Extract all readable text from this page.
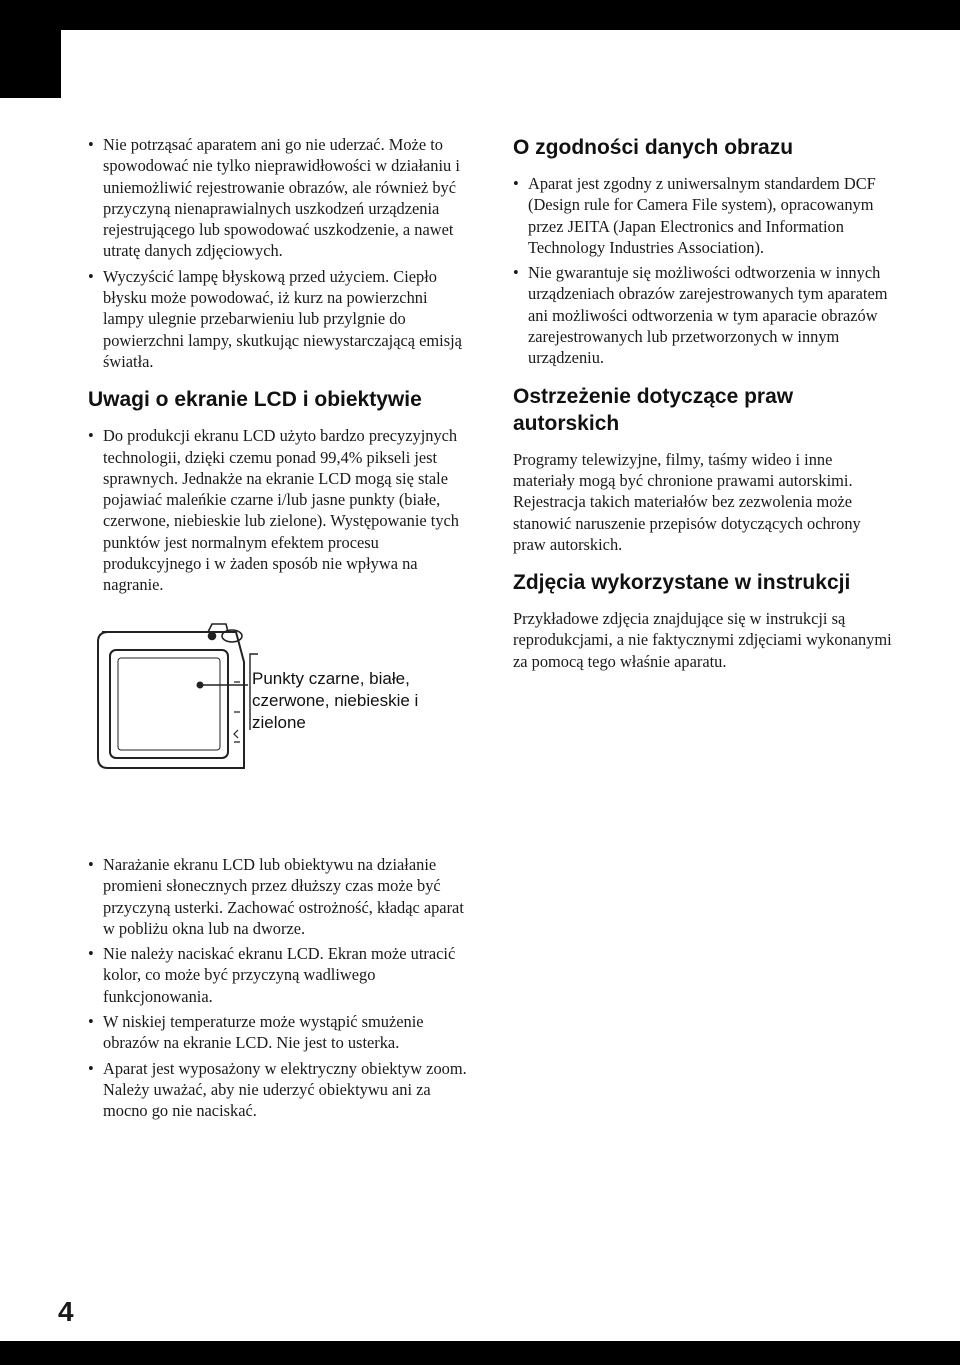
• Nie potrząsać aparatem ani go nie uderzać. Może to spowodować nie tylko nieprawidłowości w działaniu i uniemożliwić rejestrowanie obrazów, ale również być przyczyną nienaprawialnych uszkodzeń urządzenia rejestrującego lub spowodować uszkodzenie, a nawet utratę danych zdjęciowych.
• Wyczyścić lampę błyskową przed użyciem. Ciepło błysku może powodować, iż kurz na powierzchni lampy ulegnie przebarwieniu lub przylgnie do powierzchni lampy, skutkując niewystarczającą emisją światła.
Uwagi o ekranie LCD i obiektywie
• Do produkcji ekranu LCD użyto bardzo precyzyjnych technologii, dzięki czemu ponad 99,4% pikseli jest sprawnych. Jednakże na ekranie LCD mogą się stale pojawiać maleńkie czarne i/lub jasne punkty (białe, czerwone, niebieskie lub zielone). Występowanie tych punktów jest normalnym efektem procesu produkcyjnego i w żaden sposób nie wpływa na nagranie.
Punkty czarne, białe, czerwone, niebieskie i zielone
• Narażanie ekranu LCD lub obiektywu na działanie promieni słonecznych przez dłuższy czas może być przyczyną usterki. Zachować ostrożność, kładąc aparat w pobliżu okna lub na dworze.
• Nie należy naciskać ekranu LCD. Ekran może utracić kolor, co może być przyczyną wadliwego funkcjonowania.
• W niskiej temperaturze może wystąpić smużenie obrazów na ekranie LCD. Nie jest to usterka.
• Aparat jest wyposażony w elektryczny obiektyw zoom. Należy uważać, aby nie uderzyć obiektywu ani za mocno go nie naciskać.
O zgodności danych obrazu
• Aparat jest zgodny z uniwersalnym standardem DCF (Design rule for Camera File system), opracowanym przez JEITA (Japan Electronics and Information Technology Industries Association).
• Nie gwarantuje się możliwości odtworzenia w innych urządzeniach obrazów zarejestrowanych tym aparatem ani możliwości odtworzenia w tym aparacie obrazów zarejestrowanych lub przetworzonych w innym urządzeniu.
Ostrzeżenie dotyczące praw autorskich

Programy telewizyjne, filmy, taśmy wideo i inne materiały mogą być chronione prawami autorskimi. Rejestracja takich materiałów bez zezwolenia może stanowić naruszenie przepisów dotyczących ochrony praw autorskich.

Zdjęcia wykorzystane w instrukcji

Przykładowe zdjęcia znajdujące się w instrukcji są reprodukcjami, a nie faktycznymi zdjęciami wykonanymi za pomocą tego właśnie aparatu.

4
